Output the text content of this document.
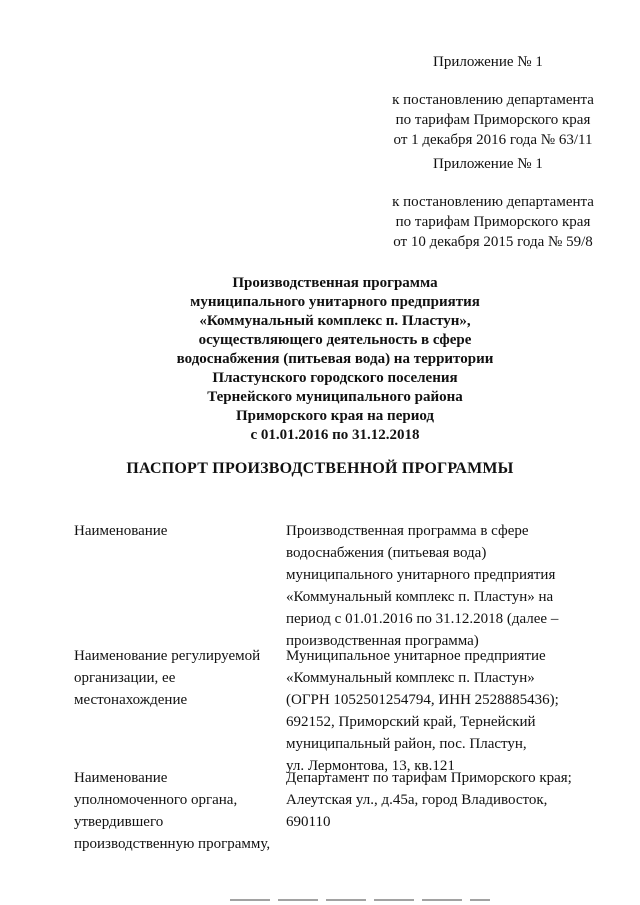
Приложение № 1
к постановлению департамента
по тарифам Приморского края
от 1 декабря 2016 года № 63/11
Приложение № 1
к постановлению департамента
по тарифам Приморского края
от 10 декабря 2015 года № 59/8
Производственная программа
муниципального унитарного предприятия
«Коммунальный комплекс п. Пластун»,
осуществляющего деятельность в сфере
водоснабжения (питьевая вода) на территории
Пластунского городского поселения
Тернейского муниципального района
Приморского края на период
с 01.01.2016 по 31.12.2018
ПАСПОРТ ПРОИЗВОДСТВЕННОЙ ПРОГРАММЫ
Наименование	Производственная программа в сфере
водоснабжения (питьевая вода)
муниципального унитарного предприятия
«Коммунальный комплекс п. Пластун» на
период с 01.01.2016 по 31.12.2018 (далее –
производственная программа)
Наименование регулируемой
организации, ее
местонахождение
Муниципальное унитарное предприятие
«Коммунальный комплекс п. Пластун»
(ОГРН 1052501254794, ИНН 2528885436);
692152, Приморский край, Тернейский
муниципальный район, пос. Пластун,
ул. Лермонтова, 13, кв.121
Наименование
уполномоченного органа,
утвердившего
производственную программу,
Департамент по тарифам Приморского края;
Алеутская ул., д.45а, город Владивосток,
690110
